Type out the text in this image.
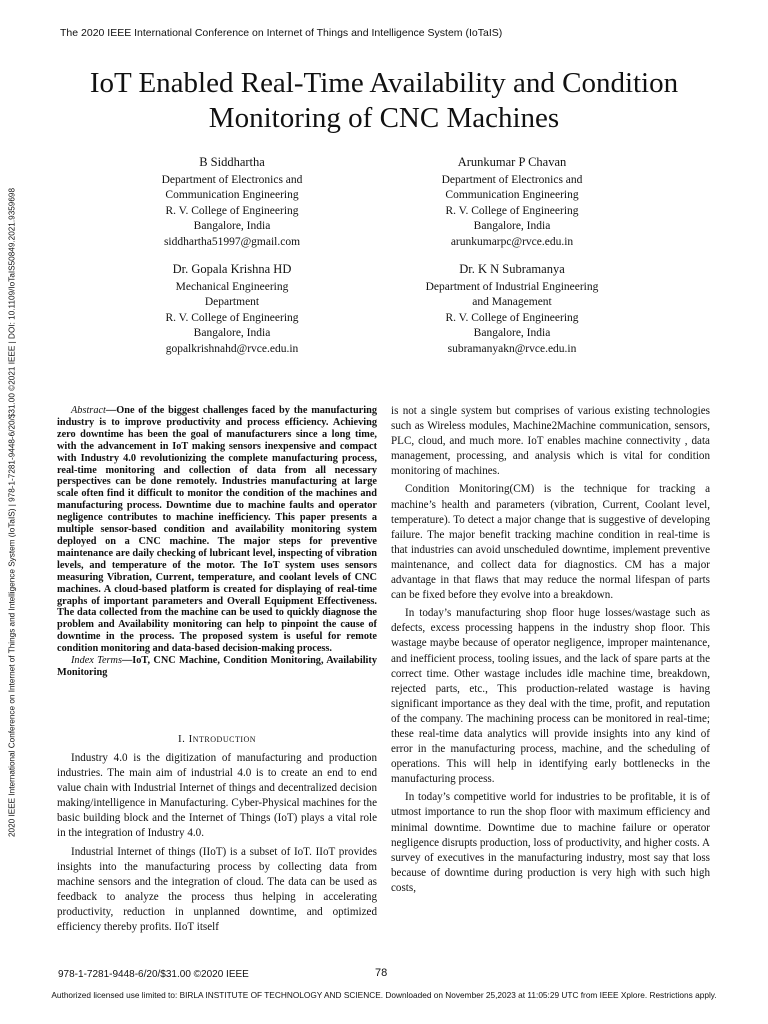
The 2020 IEEE International Conference on Internet of Things and Intelligence System (IoTaIS)
IoT Enabled Real-Time Availability and Condition
Monitoring of CNC Machines
2020 IEEE International Conference on Internet of Things and Intelligence System (IoTaIS) | 978-1-7281-9448-6/20/$31.00 ©2021 IEEE | DOI: 10.1109/IoTaIS50849.2021.9359698
B Siddhartha
Department of Electronics and
Communication Engineering
R. V. College of Engineering
Bangalore, India
siddhartha51997@gmail.com
Arunkumar P Chavan
Department of Electronics and
Communication Engineering
R. V. College of Engineering
Bangalore, India
arunkumarpc@rvce.edu.in
Dr. Gopala Krishna HD
Mechanical Engineering
Department
R. V. College of Engineering
Bangalore, India
gopalkrishnahd@rvce.edu.in
Dr. K N Subramanya
Department of Industrial Engineering
and Management
R. V. College of Engineering
Bangalore, India
subramanyakn@rvce.edu.in

Abstract—One of the biggest challenges faced by the manufacturing industry is to improve productivity and process efficiency. Achieving zero downtime has been the goal of manufacturers since a long time, with the advancement in IoT making sensors inexpensive and compact with Industry 4.0 revolutionizing the complete manufacturing process, real-time monitoring and collection of data from all necessary perspectives can be done remotely. Industries manufacturing at large scale often find it difficult to monitor the condition of the machines and manufacturing process. Downtime due to machine faults and operator negligence contributes to machine inefficiency. This paper presents a multiple sensor-based condition and availability monitoring system deployed on a CNC machine. The major steps for preventive maintenance are daily checking of lubricant level, inspecting of vibration levels, and temperature of the motor. The IoT system uses sensors measuring Vibration, Current, temperature, and coolant levels of CNC machines. A cloud-based platform is created for displaying of real-time graphs of important parameters and Overall Equipment Effectiveness. The data collected from the machine can be used to quickly diagnose the problem and Availability monitoring can help to pinpoint the cause of downtime in the process. The proposed system is useful for remote condition monitoring and data-based decision-making process.

Index Terms—IoT, CNC Machine, Condition Monitoring, Availability Monitoring

I. Introduction

Industry 4.0 is the digitization of manufacturing and production industries. The main aim of industrial 4.0 is to create an end to end value chain with Industrial Internet of things and decentralized decision making/intelligence in Manufacturing. Cyber-Physical machines for the basic building block and the Internet of Things (IoT) plays a vital role in the integration of Industry 4.0.

Industrial Internet of things (IIoT) is a subset of IoT. IIoT provides insights into the manufacturing process by collecting data from machine sensors and the integration of cloud. The data can be used as feedback to analyze the process thus helping in accelerating productivity, reduction in unplanned downtime, and optimized efficiency thereby profits. IIoT itself

is not a single system but comprises of various existing technologies such as Wireless modules, Machine2Machine communication, sensors, PLC, cloud, and much more. IoT enables machine connectivity , data management, processing, and analysis which is vital for condition monitoring of machines.

Condition Monitoring(CM) is the technique for tracking a machine’s health and parameters (vibration, Current, Coolant level, temperature). To detect a major change that is suggestive of developing failure. The major benefit tracking machine condition in real-time is that industries can avoid unscheduled downtime, implement preventive maintenance, and collect data for diagnostics. CM has a major advantage in that flaws that may reduce the normal lifespan of parts can be fixed before they evolve into a breakdown.

In today’s manufacturing shop floor huge losses/wastage such as defects, excess processing happens in the industry shop floor. This wastage maybe because of operator negligence, improper maintenance, and inefficient process, tooling issues, and the lack of spare parts at the correct time. Other wastage includes idle machine time, breakdown, rejected parts, etc., This production-related wastage is having significant importance as they deal with the time, profit, and reputation of the company. The machining process can be monitored in real-time; these real-time data analytics will provide insights into any kind of error in the manufacturing process, machine, and the scheduling of operations. This will help in identifying early bottlenecks in the manufacturing process.

In today’s competitive world for industries to be profitable, it is of utmost importance to run the shop floor with maximum efficiency and minimal downtime. Downtime due to machine failure or operator negligence disrupts production, loss of productivity, and higher costs. A survey of executives in the manufacturing industry, most say that loss because of downtime during production is very high with such high costs,

978-1-7281-9448-6/20/$31.00 ©2020 IEEE	78
Authorized licensed use limited to: BIRLA INSTITUTE OF TECHNOLOGY AND SCIENCE. Downloaded on November 25,2023 at 11:05:29 UTC from IEEE Xplore. Restrictions apply.
